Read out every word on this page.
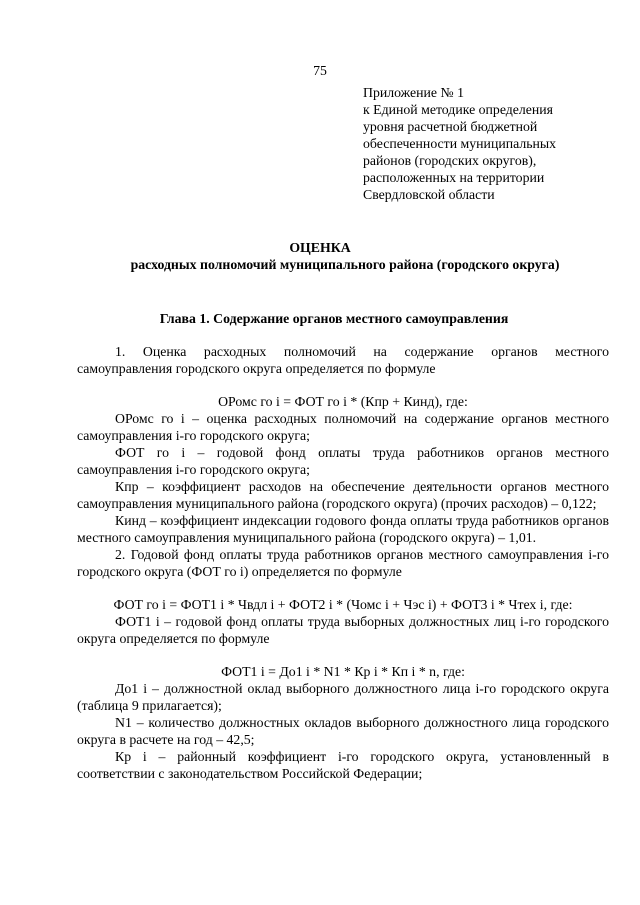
75
Приложение № 1
к Единой методике определения
уровня расчетной бюджетной
обеспеченности муниципальных
районов (городских округов),
расположенных на территории
Свердловской области
ОЦЕНКА
расходных полномочий муниципального района (городского округа)
Глава 1. Содержание органов местного самоуправления

1. Оценка расходных полномочий на содержание органов местного самоуправления городского округа определяется по формуле

ОРомс го i = ФОТ го i * (Кпр + Кинд), где:

ОРомс го i – оценка расходных полномочий на содержание органов местного самоуправления i-го городского округа;

ФОТ го i – годовой фонд оплаты труда работников органов местного самоуправления i-го городского округа;

Кпр – коэффициент расходов на обеспечение деятельности органов местного самоуправления муниципального района (городского округа) (прочих расходов) – 0,122;

Кинд – коэффициент индексации годового фонда оплаты труда работников органов местного самоуправления муниципального района (городского округа) – 1,01.

2. Годовой фонд оплаты труда работников органов местного самоуправления i-го городского округа (ФОТ го i) определяется по формуле

ФОТ го i = ФОТ1 i * Чвдл i + ФОТ2 i * (Чомс i + Чэс i) + ФОТ3 i * Чтех i, где:

ФОТ1 i – годовой фонд оплаты труда выборных должностных лиц i-го городского округа определяется по формуле

ФОТ1 i = До1 i * N1 * Кр i * Кп i * n, где:

До1 i – должностной оклад выборного должностного лица i-го городского округа (таблица 9 прилагается);

N1 – количество должностных окладов выборного должностного лица городского округа в расчете на год – 42,5;

Кр i – районный коэффициент i-го городского округа, установленный в соответствии с законодательством Российской Федерации;
